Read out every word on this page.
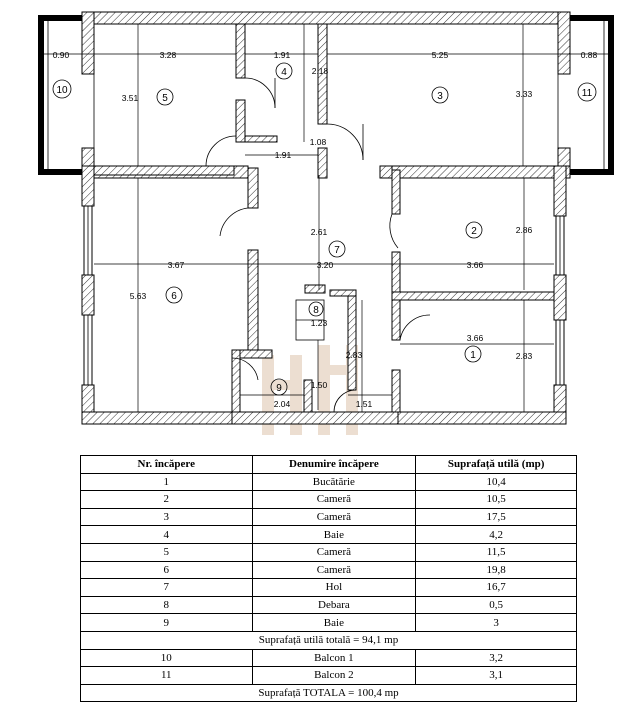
1
2
3
4
5
6
7
8
9
10	11
0.90	3.28	1.91	5.25	0.88
3.51
2.18
3.33
1.08
1.91
2.61	2.86
3.67	3.20	3.66
5.63
1.23
2.83
3.66
2.83
1.50
2.04	1.51
Nr. încăpere	Denumire încăpere	Suprafață utilă (mp)
1	Bucătărie	10,4
2	Cameră	10,5
3	Cameră	17,5
4	Baie	4,2
5	Cameră	11,5
6	Cameră	19,8
7	Hol	16,7
8	Debara	0,5
9	Baie	3
Suprafață utilă totală = 94,1 mp		
10	Balcon 1	3,2
11	Balcon 2	3,1
Suprafață TOTALA = 100,4 mp		
